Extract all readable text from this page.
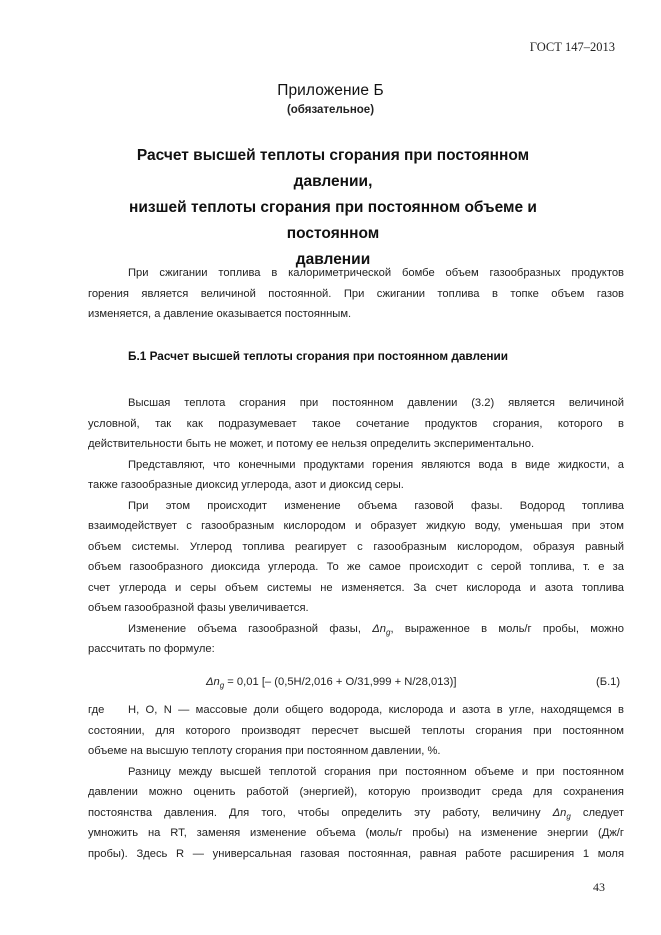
ГОСТ 147–2013
Приложение Б
(обязательное)
Расчет высшей теплоты сгорания при постоянном давлении,
низшей теплоты сгорания при постоянном объеме и постоянном
давлении
При сжигании топлива в калориметрической бомбе объем газообразных продуктов
горения является величиной постоянной. При сжигании топлива в топке объем газов
изменяется, а давление оказывается постоянным.
Б.1 Расчет высшей теплоты сгорания при постоянном давлении
Высшая теплота сгорания при постоянном давлении (3.2) является величиной
условной, так как подразумевает такое сочетание продуктов сгорания, которого в
действительности быть не может, и потому ее нельзя определить экспериментально.
Представляют, что конечными продуктами горения являются вода в виде жидкости, а
также газообразные диоксид углерода, азот и диоксид серы.
При этом происходит изменение объема газовой фазы. Водород топлива
взаимодействует с газообразным кислородом и образует жидкую воду, уменьшая при этом
объем системы. Углерод топлива реагирует с газообразным кислородом, образуя равный
объем газообразного диоксида углерода. То же самое происходит с серой топлива, т. е за
счет углерода и серы объем системы не изменяется. За счет кислорода и азота топлива
объем газообразной фазы увеличивается.
Изменение объема газообразной фазы, $\Delta n_g$, выраженное в моль/г пробы, можно
рассчитать по формуле:
$\Delta n_g = 0,01$ [– (0,5H/2,016 + O/31,999 + N/28,013)]	(Б.1)
где H, O, N — массовые доли общего водорода, кислорода и азота в угле, находящемся в
состоянии, для которого производят пересчет высшей теплоты сгорания при постоянном
объеме на высшую теплоту сгорания при постоянном давлении, %.
Разницу между высшей теплотой сгорания при постоянном объеме и при постоянном
давлении можно оценить работой (энергией), которую производит среда для сохранения
постоянства давления. Для того, чтобы определить эту работу, величину $\Delta n_g$ следует
умножить на RT, заменяя изменение объема (моль/г пробы) на изменение энергии (Дж/г
пробы). Здесь R — универсальная газовая постоянная, равная работе расширения 1 моля
43
